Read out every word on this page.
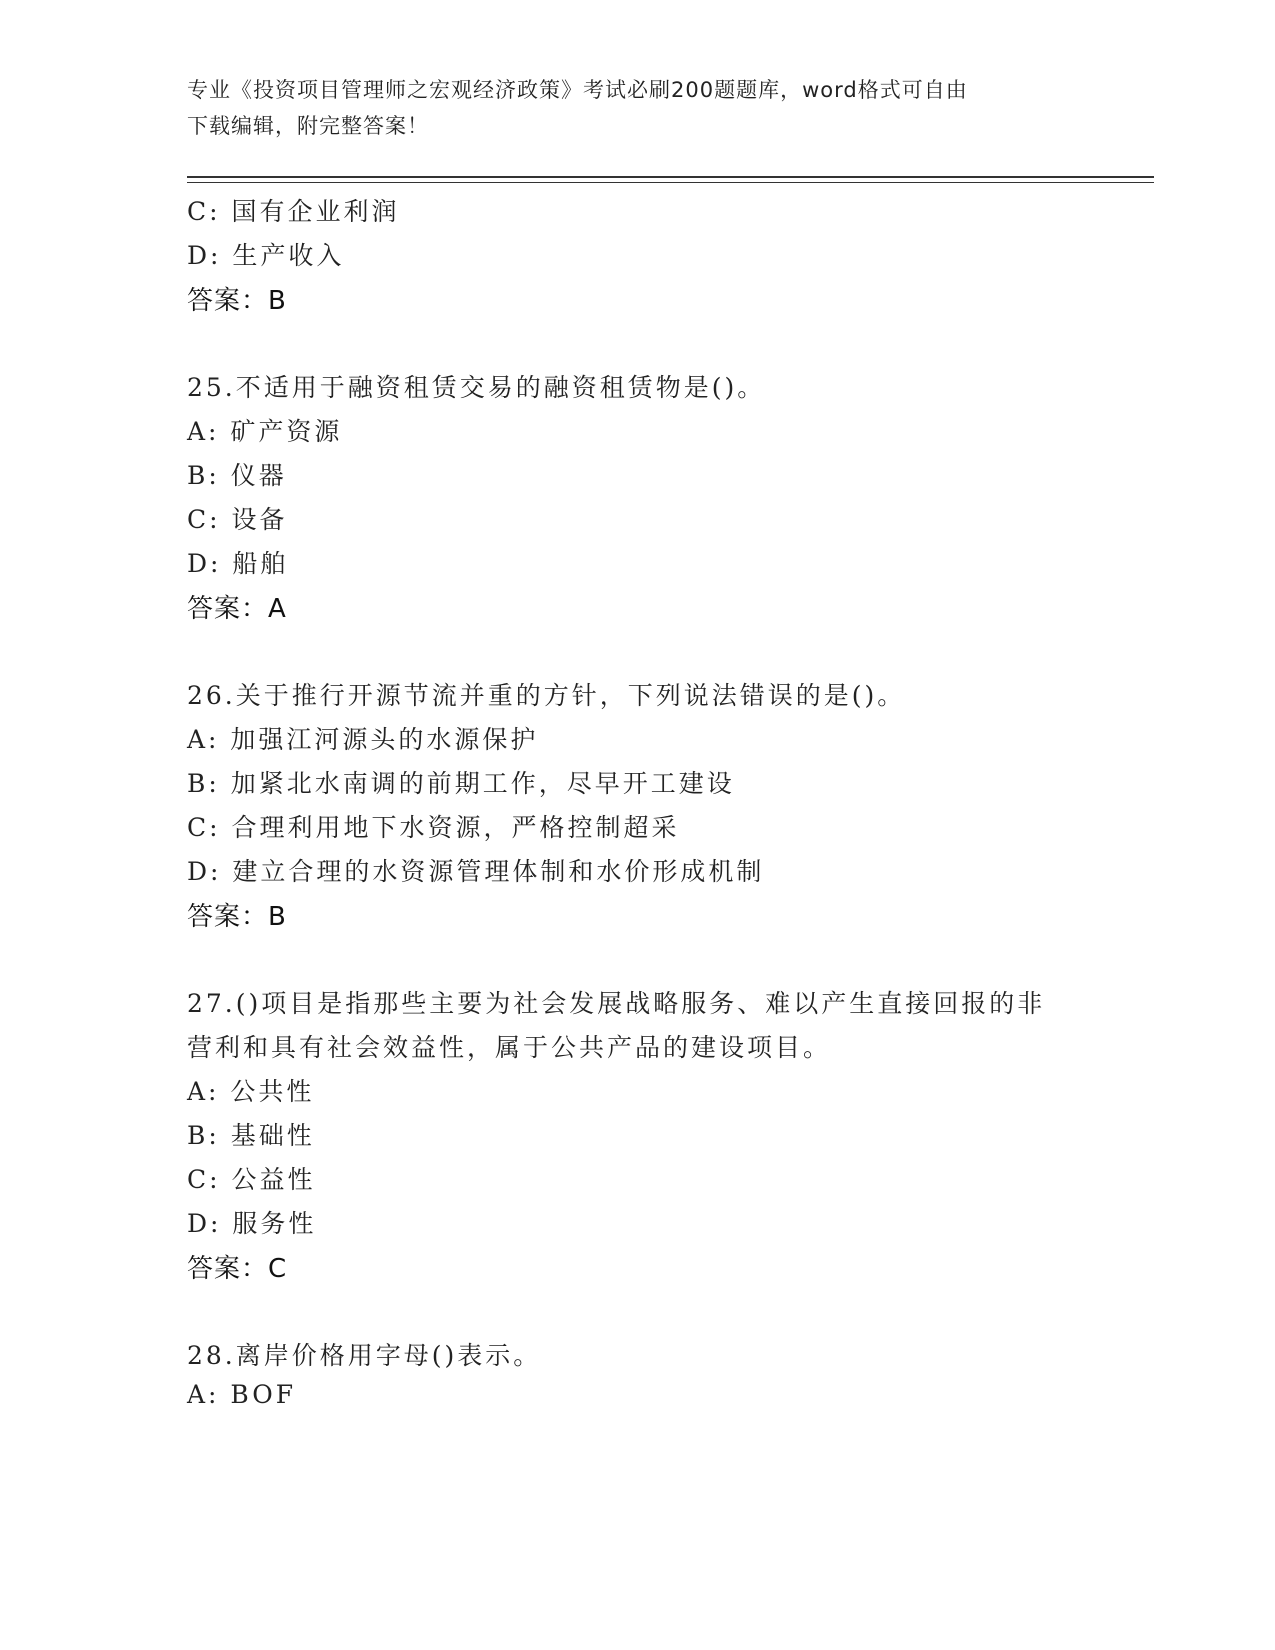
专业《投资项目管理师之宏观经济政策》考试必刷200题题库，word格式可自由
下载编辑，附完整答案！
C: 国有企业利润
D: 生产收入
答案：B
25.不适用于融资租赁交易的融资租赁物是()。
A: 矿产资源
B: 仪器
C: 设备
D: 船舶
答案：A
26.关于推行开源节流并重的方针，下列说法错误的是()。
A: 加强江河源头的水源保护
B: 加紧北水南调的前期工作，尽早开工建设
C: 合理利用地下水资源，严格控制超采
D: 建立合理的水资源管理体制和水价形成机制
答案：B
27.()项目是指那些主要为社会发展战略服务、难以产生直接回报的非
营利和具有社会效益性，属于公共产品的建设项目。
A: 公共性
B: 基础性
C: 公益性
D: 服务性
答案：C
28.离岸价格用字母()表示。
A: BOF
